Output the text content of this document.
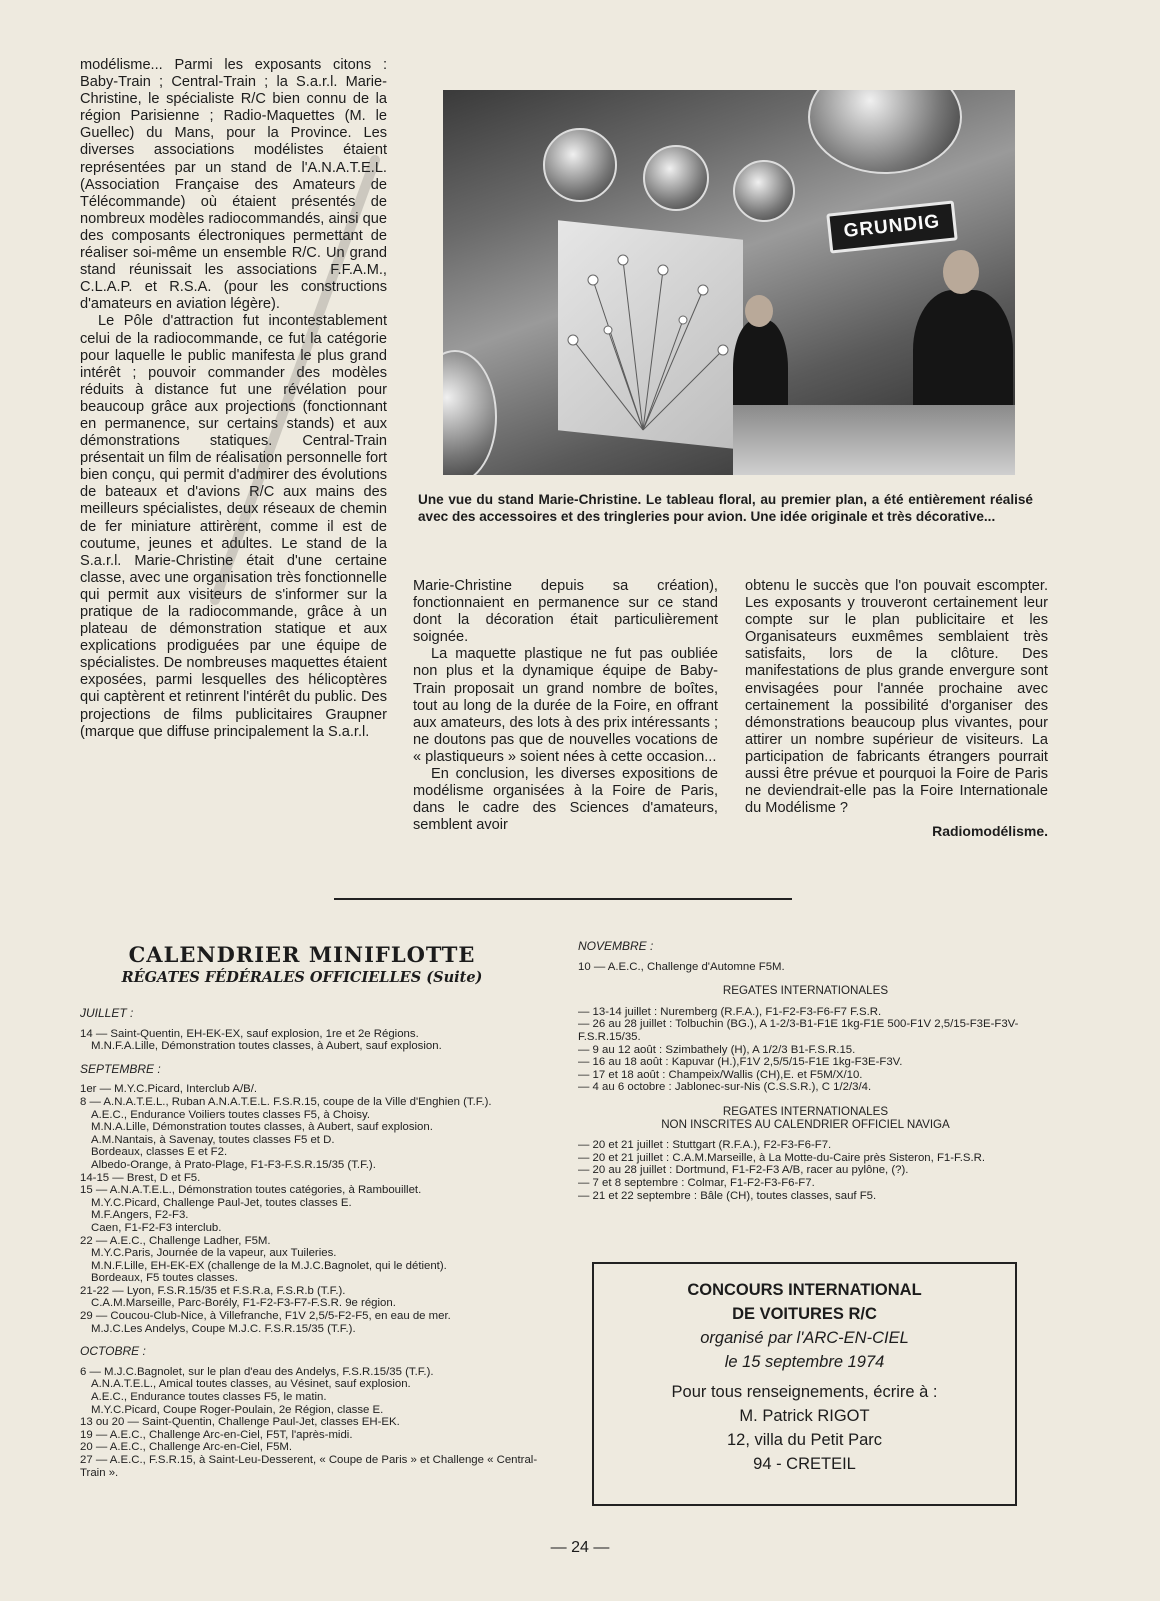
modélisme... Parmi les exposants citons : Baby-Train ; Central-Train ; la S.a.r.l. Marie-Christine, le spécialiste R/C bien connu de la région Parisienne ; Radio-Maquettes (M. le Guellec) du Mans, pour la Province. Les diverses associations modélistes étaient représentées par un stand de l'A.N.A.T.E.L. (Association Française des Amateurs de Télécommande) où étaient présentés de nombreux modèles radiocommandés, ainsi que des composants électroniques permettant de réaliser soi-même un ensemble R/C. Un grand stand réunissait les associations F.F.A.M., C.L.A.P. et R.S.A. (pour les constructions d'amateurs en aviation légère).

Le Pôle d'attraction fut incontestablement celui de la radiocommande, ce fut la catégorie pour laquelle le public manifesta le plus grand intérêt ; pouvoir commander des modèles réduits à distance fut une révélation pour beaucoup grâce aux projections (fonctionnant en permanence, sur certains stands) et aux démonstrations statiques. Central-Train présentait un film de réalisation personnelle fort bien conçu, qui permit d'admirer des évolutions de bateaux et d'avions R/C aux mains des meilleurs spécialistes, deux réseaux de chemin de fer miniature attirèrent, comme il est de coutume, jeunes et adultes. Le stand de la S.a.r.l. Marie-Christine était d'une certaine classe, avec une organisation très fonctionnelle qui permit aux visiteurs de s'informer sur la pratique de la radiocommande, grâce à un plateau de démonstration statique et aux explications prodiguées par une équipe de spécialistes. De nombreuses maquettes étaient exposées, parmi lesquelles des hélicoptères qui captèrent et retinrent l'intérêt du public. Des projections de films publicitaires Graupner (marque que diffuse principalement la S.a.r.l.

GRUNDIG
Une vue du stand Marie-Christine. Le tableau floral, au premier plan, a été entièrement réalisé avec des accessoires et des tringleries pour avion. Une idée originale et très décorative...

Marie-Christine depuis sa création), fonctionnaient en permanence sur ce stand dont la décoration était particulièrement soignée.

La maquette plastique ne fut pas oubliée non plus et la dynamique équipe de Baby-Train proposait un grand nombre de boîtes, tout au long de la durée de la Foire, en offrant aux amateurs, des lots à des prix intéressants ; ne doutons pas que de nouvelles vocations de « plastiqueurs » soient nées à cette occasion...

En conclusion, les diverses expositions de modélisme organisées à la Foire de Paris, dans le cadre des Sciences d'amateurs, semblent avoir

obtenu le succès que l'on pouvait escompter. Les exposants y trouveront certainement leur compte sur le plan publicitaire et les Organisateurs euxmêmes semblaient très satisfaits, lors de la clôture. Des manifestations de plus grande envergure sont envisagées pour l'année prochaine avec certainement la possibilité d'organiser des démonstrations beaucoup plus vivantes, pour attirer un nombre supérieur de visiteurs. La participation de fabricants étrangers pourrait aussi être prévue et pourquoi la Foire de Paris ne deviendrait-elle pas la Foire Internationale du Modélisme ?

Radiomodélisme.

CALENDRIER MINIFLOTTE
RÉGATES FÉDÉRALES OFFICIELLES (Suite)
JUILLET :
14 — Saint-Quentin, EH-EK-EX, sauf explosion, 1re et 2e Régions.
M.N.F.A.Lille, Démonstration toutes classes, à Aubert, sauf explosion.
SEPTEMBRE :
1er — M.Y.C.Picard, Interclub A/B/.
8 — A.N.A.T.E.L., Ruban A.N.A.T.E.L. F.S.R.15, coupe de la Ville d'Enghien (T.F.).
A.E.C., Endurance Voiliers toutes classes F5, à Choisy.
M.N.A.Lille, Démonstration toutes classes, à Aubert, sauf explosion.
A.M.Nantais, à Savenay, toutes classes F5 et D.
Bordeaux, classes E et F2.
Albedo-Orange, à Prato-Plage, F1-F3-F.S.R.15/35 (T.F.).
14-15 — Brest, D et F5.
15 — A.N.A.T.E.L., Démonstration toutes catégories, à Rambouillet.
M.Y.C.Picard, Challenge Paul-Jet, toutes classes E.
M.F.Angers, F2-F3.
Caen, F1-F2-F3 interclub.
22 — A.E.C., Challenge Ladher, F5M.
M.Y.C.Paris, Journée de la vapeur, aux Tuileries.
M.N.F.Lille, EH-EK-EX (challenge de la M.J.C.Bagnolet, qui le détient).
Bordeaux, F5 toutes classes.
21-22 — Lyon, F.S.R.15/35 et F.S.R.a, F.S.R.b (T.F.).
C.A.M.Marseille, Parc-Borély, F1-F2-F3-F7-F.S.R. 9e région.
29 — Coucou-Club-Nice, à Villefranche, F1V 2,5/5-F2-F5, en eau de mer.
M.J.C.Les Andelys, Coupe M.J.C. F.S.R.15/35 (T.F.).
OCTOBRE :
6 — M.J.C.Bagnolet, sur le plan d'eau des Andelys, F.S.R.15/35 (T.F.).
A.N.A.T.E.L., Amical toutes classes, au Vésinet, sauf explosion.
A.E.C., Endurance toutes classes F5, le matin.
M.Y.C.Picard, Coupe Roger-Poulain, 2e Région, classe E.
13 ou 20 — Saint-Quentin, Challenge Paul-Jet, classes EH-EK.
19 — A.E.C., Challenge Arc-en-Ciel, F5T, l'après-midi.
20 — A.E.C., Challenge Arc-en-Ciel, F5M.
27 — A.E.C., F.S.R.15, à Saint-Leu-Desserent, « Coupe de Paris » et Challenge « Central-Train ».
NOVEMBRE :
10 — A.E.C., Challenge d'Automne F5M.
REGATES INTERNATIONALES
— 13-14 juillet : Nuremberg (R.F.A.), F1-F2-F3-F6-F7 F.S.R.
— 26 au 28 juillet : Tolbuchin (BG.), A 1-2/3-B1-F1E 1kg-F1E 500-F1V 2,5/15-F3E-F3V-F.S.R.15/35.
— 9 au 12 août : Szimbathely (H), A 1/2/3 B1-F.S.R.15.
— 16 au 18 août : Kapuvar (H.),F1V 2,5/5/15-F1E 1kg-F3E-F3V.
— 17 et 18 août : Champeix/Wallis (CH),E. et F5M/X/10.
— 4 au 6 octobre : Jablonec-sur-Nis (C.S.S.R.), C 1/2/3/4.
REGATES INTERNATIONALES
NON INSCRITES AU CALENDRIER OFFICIEL NAVIGA
— 20 et 21 juillet : Stuttgart (R.F.A.), F2-F3-F6-F7.
— 20 et 21 juillet : C.A.M.Marseille, à La Motte-du-Caire près Sisteron, F1-F.S.R.
— 20 au 28 juillet : Dortmund, F1-F2-F3 A/B, racer au pylône, (?).
— 7 et 8 septembre : Colmar, F1-F2-F3-F6-F7.
— 21 et 22 septembre : Bâle (CH), toutes classes, sauf F5.
CONCOURS INTERNATIONAL
DE VOITURES R/C
organisé par l'ARC-EN-CIEL
le 15 septembre 1974
Pour tous renseignements, écrire à :
M. Patrick RIGOT
12, villa du Petit Parc
94 - CRETEIL
— 24 —
